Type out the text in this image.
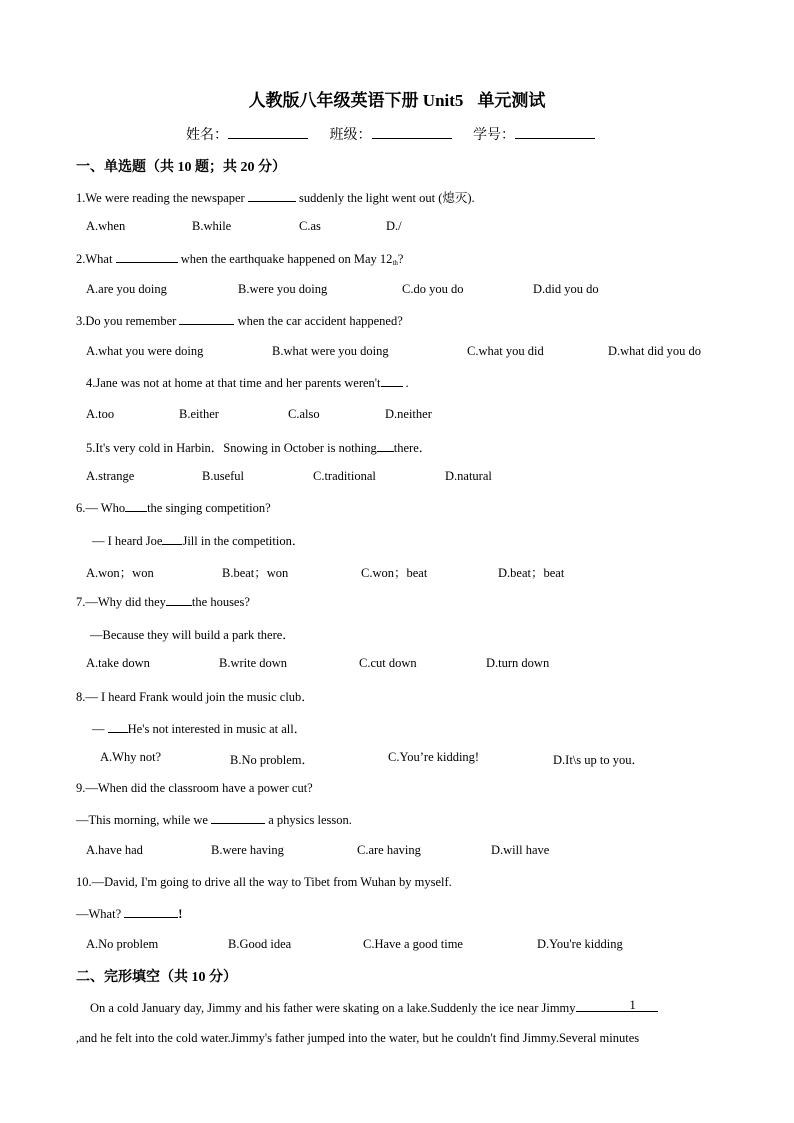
人教版八年级英语下册 Unit5 单元测试
姓名：	班级：	学号：
一、单选题（共 10 题；共 20 分）
1.We were reading the newspaper	suddenly the light went out (熄灭).
A.when	B.while	C.as	D./
2.What	when the earthquake happened on May $12_{th}$?
A.are you doing	B.were you doing	C.do you do	D.did you do
3.Do you remember	when the car accident happened?
A.what you were doing	B.what were you doing	C.what you did	D.what did you do
4.Jane was not at home at that time and her parents weren't .
A.too	B.either	C.also	D.neither
5.It's very cold in Harbin．Snowing in October is nothing there．
A.strange	B.useful	C.traditional	D.natural
6.— Who the singing competition?
— I heard Joe Jill in the competition．
A.won；won	B.beat；won	C.won；beat	D.beat；beat
7.—Why did they the houses?
—Because they will build a park there．
A.take down	B.write down	C.cut down	D.turn down
8.— I heard Frank would join the music club．
— He's not interested in music at all．
A.Why not?	B.No problem．	C.You’re kidding!	D.It\s up to you．
9.—When did the classroom have a power cut?
—This morning, while we	a physics lesson.
A.have had	B.were having	C.are having	D.will have
10.—David, I'm going to drive all the way to Tibet from Wuhan by myself.
—What?	!
A.No problem	B.Good idea	C.Have a good time	D.You're kidding
二、完形填空（共 10 分）
On a cold January day, Jimmy and his father were skating on a lake.Suddenly the ice near Jimmy	1
,and he felt into the cold water.Jimmy's father jumped into the water, but he couldn't find Jimmy.Several minutes
